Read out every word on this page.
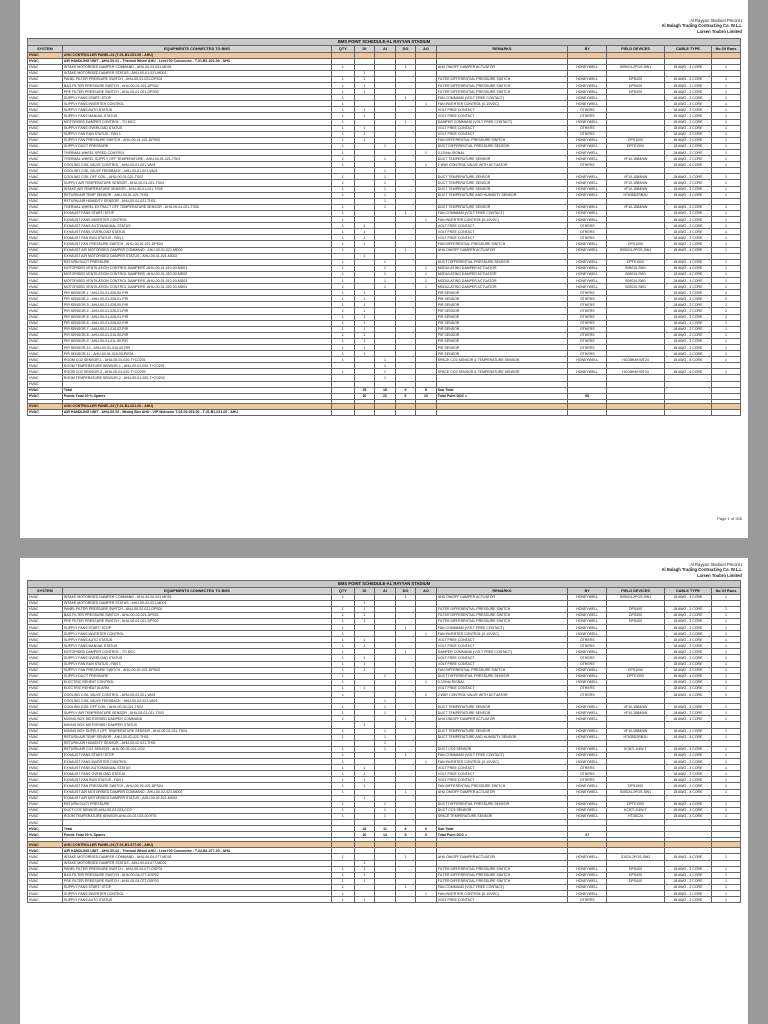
Al Rayyan Stadium Precinct
Al Balagh Trading Contracting Co. W.L.L
Larsen Toubro Limited
BMS POINT SCHEDULE-AL RAYYAN STADIUM											
SYSTEM	EQUIPMENTS CONNECTED TO BMS	QTY	DI	AI	DO	AO	REMARKS	BY	FIELD DEVICES	CABLE TYPE	No Of Runs
HVAC	AHU CONTROLLER PANEL-01 (T-01-B1-021-00 - AHU)										
HVAC	AIR HANDLING UNIT - AHU-00-01 - Thermal Wheel AHU - Level 00 Concourse - T-01-B1-021-00 - AHU										
HVAC	INTAKE MOTORISED DAMPER COMMAND - AHU-00-01-021-MD01	1			1		AHU ON/OFF DAMPER ACTUATOR	HONEYWELL	S05024-2POS-SW1	18 AWG - 4 CORE	1
HVAC	INTAKE MOTORISED DAMPER STATUS - AHU-00-01-021-MD01		1								
HVAC	PANEL FILTER PRESSURE SWITCH - AHU-00-01-021-DPS01	1	1				FILTER DIFFERENTIAL PRESSURE SWITCH	HONEYWELL	DPS400	18 AWG - 2 CORE	1
HVAC	BAG FILTER PRESSURE SWITCH - AHU-00-01-021-DPS02	1	1				FILTER DIFFERENTIAL PRESSURE SWITCH	HONEYWELL	DPS400	18 AWG - 2 CORE	1
HVAC	PRE FILTER PRESSURE SWITCH - AHU-00-01-021-DPS03	1	1				FILTER DIFFERENTIAL PRESSURE SWITCH	HONEYWELL	DPS400	18 AWG - 2 CORE	1
HVAC	SUPPLY FANS START/ STOP	1			1		FAN COMMAND (VOLT FREE CONTACT)	HONEYWELL		18 AWG - 2 CORE	1
HVAC	SUPPLY FANS INVERTER CONTROL	1				1	FAN INVERTER CONTROL (0-10VDC)	HONEYWELL		18 AWG - 2 CORE	1
HVAC	SUPPLY FANS AUTO STATUS	1	1				VOLT FREE CONTACT	OTHERS		18 AWG - 2 CORE	1
HVAC	SUPPLY FANS MANUAL STATUS	1	1				VOLT FREE CONTACT	OTHERS		18 AWG - 2 CORE	1
HVAC	MOTORISED DAMPER CONTROL - TO MCC	1			1		DAMPER COMMAND (VOLT FREE CONTACT)	HONEYWELL		18 AWG - 2 CORE	1
HVAC	SUPPLY FANS OVERLOAD STATUS	1	1				VOLT FREE CONTACT	OTHERS		18 AWG - 2 CORE	1
HVAC	SUPPLY FAN RUN STATUS - FAN 1	1	1				VOLT FREE CONTACT	OTHERS		18 AWG - 2 CORE	1
HVAC	SUPPLY FAN PRESSURE SWITCH - AHU-00-01-021-DPS03	1	1				FAN DIFFERENTIAL PRESSURE SWITCH	HONEYWELL	DPS1000	18 AWG - 2 CORE	1
HVAC	SUPPLY DUCT PRESSURE	1		1			DUCT DIFFERENTIAL PRESSURE SENSOR	HONEYWELL	DPTE1000	18 AWG - 4 CORE	1
HVAC	THERMAL WHEEL SPEED CONTROL	1				1	0-10Vdc SIGNAL	HONEYWELL		18 AWG - 2 CORE	1
HVAC	THERMAL WHEEL SUPPLY OFF TEMPERATURE - AHU-00-01-021-TS01	1		1			DUCT TEMPERATURE SENSOR	HONEYWELL	VF10-1B84NW	18 AWG - 2 CORE	1
HVAC	COOLING COIL VALVE CONTROL - AHU-00-01-021-VA01	1				1	2 WAY CONTROL VALVE WITH ACTUATOR	OTHERS		18 AWG - 6 CORE	1
HVAC	COOLING COIL VALVE FEEDBACK - AHU-00-01-021-VA01			1							
HVAC	COOLING COIL OFF COIL - AHU-00-01-021-TS02	1		1			DUCT TEMPERATURE SENSOR	HONEYWELL	VF10-1B84NW	18 AWG - 2 CORE	1
HVAC	SUPPLY AIR TEMPERATURE SENSOR - AHU-00-01-021-TS04	1		1			DUCT TEMPERATURE SENSOR	HONEYWELL	VF10-1B84NW	18 AWG - 2 CORE	1
HVAC	INTAKE AIR TEMPERATURE SENSOR - AHU-00-01-021-TS05	1		1			DUCT TEMPERATURE SENSOR	HONEYWELL	VF10-1B84NW	18 AWG - 2 CORE	1
HVAC	RETURN AIR TEMP SENSOR - AHU-00-01-021-TH01	1		1			DUCT TEMPERATURE AND HUMIDITY SENSOR	HONEYWELL	H7635D2RB2U	18 AWG - 4 CORE	1
HVAC	RETURN AIR HUMIDITY SENSOR - AHU-00-01-021-TH01			1							
HVAC	THERMAL WHEEL EXTRACT OFF TEMPERATURE SENSOR - AHU-00-01-021-TS06	1		1			DUCT TEMPERATURE SENSOR	HONEYWELL	VF10-1B84NW	18 AWG - 2 CORE	1
HVAC	EXHAUST FANS START/ STOP	1			1		FAN COMMAND (VOLT FREE CONTACT)	HONEYWELL		18 AWG - 2 CORE	1
HVAC	EXHAUST FANS INVERTER CONTROL	1				1	FAN INVERTER CONTROL (0-10VDC)	HONEYWELL		18 AWG - 2 CORE	1
HVAC	EXHAUST FANS AUTO/MANUAL STATUS	1	1				VOLT FREE CONTACT	OTHERS		18 AWG - 2 CORE	1
HVAC	EXHAUST FANS OVERLOAD STATUS	1	1				VOLT FREE CONTACT	OTHERS		18 AWG - 2 CORE	1
HVAC	EXHAUST FAN RUN STATUS - FAN 1	1	1				VOLT FREE CONTACT	OTHERS		18 AWG - 2 CORE	1
HVAC	EXHAUST FAN PRESSURE SWITCH - AHU-00-01-021-DPS04	1	1				FAN DIFFERENTIAL PRESSURE SWITCH	HONEYWELL	DPS1000	18 AWG - 2 CORE	1
HVAC	EXHAUST AIR MOTORISED DAMPER COMMAND - AHU-00-01-021-MD02	1			1		AHU ON/OFF DAMPER ACTUATOR	HONEYWELL	S05024-2POS-SW1	18 AWG - 4 CORE	1
HVAC	EXHAUST AIR MOTORISED DAMPER STATUS - AHU-00-01-021-MD02		1								
HVAC	RETURN DUCT PRESSURE	1		1			DUCT DIFFERENTIAL PRESSURE SENSOR	HONEYWELL	DPTE1000	18 AWG - 4 CORE	1
HVAC	MOTORISED VENTILATION CONTROL DAMPERS -AHU-00-01-010-00-MD01	1		1		1	MODULATING DAMPER ACTUATOR	HONEYWELL	S05010-SW1	18 AWG - 4 CORE	1
HVAC	MOTORISED VENTILATION CONTROL DAMPERS -AHU-00-01-010-00-MD02	1		1		1	MODULATING DAMPER ACTUATOR	HONEYWELL	S05010-SW1	18 AWG - 4 CORE	1
HVAC	MOTORISED VENTILATION CONTROL DAMPERS -AHU-00-01-010-00-MD03	1		1		1	MODULATING DAMPER ACTUATOR	HONEYWELL	S05010-SW1	18 AWG - 4 CORE	1
HVAC	MOTORISED VENTILATION CONTROL DAMPERS -AHU-00-01-020-00-MD04	1		1		1	MODULATING DAMPER ACTUATOR	HONEYWELL	S05010-SW1	18 AWG - 4 CORE	1
HVAC	PIR SENSOR-1 - AHU-00-01-026-00-PIR	1	1				PIR SENSOR	OTHERS		18 AWG - 2 CORE	2
HVAC	PIR SENSOR-2 - AHU-00-01-026-01-PIR	1	1				PIR SENSOR	OTHERS		18 AWG - 2 CORE	2
HVAC	PIR SENSOR-3 - AHU-00-01-026-00-PIR	1	1				PIR SENSOR	OTHERS		18 AWG - 2 CORE	2
HVAC	PIR SENSOR-4 - AHU-00-01-026-01-PIR	1	1				PIR SENSOR	OTHERS		18 AWG - 2 CORE	2
HVAC	PIR SENSOR-5 - AHU-00-01-026-01-PIR	1	1				PIR SENSOR	OTHERS		18 AWG - 2 CORE	2
HVAC	PIR SENSOR-6 - AHU-00-01-026-02-PIR	1	1				PIR SENSOR	OTHERS		18 AWG - 2 CORE	1
HVAC	PIR SENSOR-7 - AHU-00-01-010-02-PIR	1	1				PIR SENSOR	OTHERS		18 AWG - 2 CORE	1
HVAC	PIR SENSOR-8 - AHU-00-01-010-00-PIR	1	1				PIR SENSOR	OTHERS		18 AWG - 2 CORE	1
HVAC	PIR SENSOR-9 - AHU-00-01-011-00-PIR	1	1				PIR SENSOR	OTHERS		18 AWG - 2 CORE	1
HVAC	PIR SENSOR-10 - AHU-00-01-019-00-PIR	1	1				PIR SENSOR	OTHERS		18 AWG - 2 CORE	1
HVAC	PIR SENSOR-11 - AHU-00-01-019-00-PIR01	1	1				PIR SENSOR	OTHERS		18 AWG - 2 CORE	1
HVAC	ROOM CO2 SENSOR-1 - AHU-00-01-020-T+CO201	1		1			SPACE CO2 SENSOR & TEMPERATURE SENSOR	HONEYWELL	HCO8HAY00T24	18 AWG - 6 CORE	1
HVAC	ROOM TEMPERATURE SENSOR-1 - AHU-00-01-020-T+CO201			1							
HVAC	ROOM CO2 SENSOR-2 - AHU-00-01-020-T+CO202	1		1			SPACE CO2 SENSOR & TEMPERATURE SENSOR	HONEYWELL	HCO8HAY00T24	18 AWG - 6 CORE	1
HVAC	ROOM TEMPERATURE SENSOR-2 - AHU-00-01-020-T+CO202			1							
HVAC											
HVAC	Total		25	18	5	8	Sub Total				
HVAC	Points Total 20 % Spares		30	22	6	10	Total Point DDC =	68			

HVAC	AHU CONTROLLER PANEL-02 (T-01-B1-021-00 - AHU)										
HVAC	AIR HANDLING UNIT - AHU-00-02 - Mixing Box AHU - VIP Welcome T-02-00-023-00 - T-01-B1-021-00 - AHU										
Page 1 of 335
Al Rayyan Stadium Precinct
Al Balagh Trading Contracting Co. W.L.L
Larsen Toubro Limited
BMS POINT SCHEDULE-AL RAYYAN STADIUM											
SYSTEM	EQUIPMENTS CONNECTED TO BMS	QTY	DI	AI	DO	AO	REMARKS	BY	FIELD DEVICES	CABLE TYPE	No Of Runs
HVAC	INTAKE MOTORISED DAMPER COMMAND - AHU-00-02-021-MD01	1			1		AHU ON/OFF DAMPER ACTUATOR	HONEYWELL	S05024-2POS-SW1	18 AWG - 4 CORE	1
HVAC	INTAKE MOTORISED DAMPER STATUS - AHU-00-02-021-MD01		1								
HVAC	PANEL FILTER PRESSURE SWITCH - AHU-00-02-021-DPS01	1	1				FILTER DIFFERENTIAL PRESSURE SWITCH	HONEYWELL	DPS400	18 AWG - 2 CORE	1
HVAC	BAG FILTER PRESSURE SWITCH - AHU-00-02-021-DPS01	1	1				FILTER DIFFERENTIAL PRESSURE SWITCH	HONEYWELL	DPS400	18 AWG - 2 CORE	1
HVAC	PRE FILTER PRESSURE SWITCH - AHU-00-02-021-DPS02	1	1				FILTER DIFFERENTIAL PRESSURE SWITCH	HONEYWELL	DPS400	18 AWG - 2 CORE	1
HVAC	SUPPLY FANS START/ STOP	1			1		FAN COMMAND (VOLT FREE CONTACT)	HONEYWELL		18 AWG - 2 CORE	1
HVAC	SUPPLY FANS INVERTER CONTROL	1				1	FAN INVERTER CONTROL (0-10VDC)	HONEYWELL		18 AWG - 2 CORE	1
HVAC	SUPPLY FANS AUTO STATUS	1	1				VOLT FREE CONTACT	OTHERS		18 AWG - 2 CORE	1
HVAC	SUPPLY FANS MANUAL STATUS	1	1				VOLT FREE CONTACT	OTHERS		18 AWG - 2 CORE	1
HVAC	MOTORISED DAMPER CONTROL - TO MCC	1			1		DAMPER COMMAND (VOLT FREE CONTACT)	HONEYWELL		18 AWG - 2 CORE	1
HVAC	SUPPLY FANS OVERLOAD STATUS	1	1				VOLT FREE CONTACT	OTHERS		18 AWG - 2 CORE	1
HVAC	SUPPLY FAN RUN STATUS - FAN 1	1	1				VOLT FREE CONTACT	OTHERS		18 AWG - 2 CORE	1
HVAC	SUPPLY FAN PRESSURE SWITCH - AHU-00-02-021-DPS03	1	1				FAN DIFFERENTIAL PRESSURE SWITCH	HONEYWELL	DPS1000	18 AWG - 2 CORE	1
HVAC	SUPPLY DUCT PRESSURE	1		1			DUCT DIFFERENTIAL PRESSURE SENSOR	HONEYWELL	DPTE1000	18 AWG - 4 CORE	1
HVAC	ELECTRIC REHEAT CONTROL	1				1	0-10Vdc SIGNAL	HONEYWELL		18 AWG - 2 CORE	1
HVAC	ELECTRIC REHEAT ALARM	1	1				VOLT FREE CONTACT	OTHERS		18 AWG - 2 CORE	1
HVAC	COOLING COIL VALVE CONTROL - AHU-00-02-021-VA01	1				1	2 WAY CONTROL VALVE WITH ACTUATOR	OTHERS		18 AWG - 6 CORE	1
HVAC	COOLING COIL VALVE FEEDBACK - AHU-00-02-021-VA01			1							
HVAC	COOLING COIL OFF COIL - AHU-00-02-021-TS02	1		1			DUCT TEMPERATURE SENSOR	HONEYWELL	VF10-1B84NW	18 AWG - 2 CORE	1
HVAC	SUPPLY AIR TEMPERATURE SENSOR - AHU-00-02-021-TS03	1		1			DUCT TEMPERATURE SENSOR	HONEYWELL	VF10-1B84NW	18 AWG - 2 CORE	1
HVAC	MIXING BOX MOTORISED DAMPER COMMAND	1			1		AHU ON/OFF DAMPER ACTUATOR	HONEYWELL		18 AWG - 4 CORE	1
HVAC	MIXING BOX MOTORISED DAMPER STATUS		1								
HVAC	MIXING BOX SUPPLY OFF TEMPERATURE SENSOR - AHU-00-02-021-TS04	1		1			DUCT TEMPERATURE SENSOR	HONEYWELL	VF10-1B84NW	18 AWG - 2 CORE	1
HVAC	RETURN AIR TEMP SENSOR - AHU-00-02-021-TH01	1		1			DUCT TEMPERATURE AND HUMIDITY SENSOR	HONEYWELL	H7635D2RB2U	18 AWG - 4 CORE	1
HVAC	RETURN AIR HUMIDITY SENSOR - AHU-00-02-021-TH01			1							
HVAC	RETURN AIR CO2 SENSOR - AHU-00-02-021-CO2	1		1			DUCT CO2 SENSOR	HONEYWELL	KC871-K4W-T	18 AWG - 4 CORE	1
HVAC	EXHAUST FANS START/ STOP	1			1		FAN COMMAND (VOLT FREE CONTACT)	HONEYWELL		18 AWG - 2 CORE	1
HVAC	EXHAUST FANS INVERTER CONTROL	1				1	FAN INVERTER CONTROL (0-10VDC)	HONEYWELL		18 AWG - 2 CORE	1
HVAC	EXHAUST FANS AUTO/MANUAL STATUS	1	1				VOLT FREE CONTACT	OTHERS		18 AWG - 2 CORE	1
HVAC	EXHAUST FANS OVERLOAD STATUS	1	1				VOLT FREE CONTACT	OTHERS		18 AWG - 2 CORE	1
HVAC	EXHAUST FAN RUN STATUS - FAN 1	1	1				VOLT FREE CONTACT	OTHERS		18 AWG - 2 CORE	1
HVAC	EXHAUST FAN PRESSURE SWITCH - AHU-00-02-021-DPS04	1	1				FAN DIFFERENTIAL PRESSURE SWITCH	HONEYWELL	DPS1000	18 AWG - 2 CORE	1
HVAC	EXHAUST AIR MOTORISED DAMPER COMMAND - AHU-00-02-021-MD02	1			1		AHU ON/OFF DAMPER ACTUATOR	HONEYWELL	S05024-2POS-SW1	18 AWG - 4 CORE	1
HVAC	EXHAUST AIR MOTORISED DAMPER STATUS - AHU-00-02-021-MD02		1								
HVAC	RETURN DUCT PRESSURE	1		1			DUCT DIFFERENTIAL PRESSURE SENSOR	HONEYWELL	DPTE1000	18 AWG - 4 CORE	1
HVAC	DUCT CO2 SENSOR-AHU-00-02-023-CO2	1		1			DUCT CO2 SENSOR	HONEYWELL	KC871-K4W-T	18 AWG - 4 CORE	1
HVAC	ROOM TEMPERATURE SENSOR-AHU-00-02-023-00-RTS	1		1			SPACE TEMPERATURE SENSOR	HONEYWELL	HT38C24	18 AWG - 2 CORE	1
HVAC											
HVAC	Total		16	11	6	6	Sub Total				
HVAC	Points Total 20 % Spares		20	14	8	5	Total Point DDC =	47			

HVAC	AHU CONTROLLER PANEL-03 (T-01-B1-077-00 - AHU)										
HVAC	AIR HANDLING UNIT - AHU-00-04 - Thermal Wheel AHU - Level 00 Concourse - T-02-B1-077-00 - AHU										
HVAC	INTAKE MOTORISED DAMPER COMMAND - AHU-00-04-077-MD01	1			1		AHU ON/OFF DAMPER ACTUATOR	HONEYWELL	S1024-2POS-SW2	18 AWG - 4 CORE	1
HVAC	INTAKE MOTORISED DAMPER STATUS - AHU-00-04-077-MD01		1								
HVAC	PANEL FILTER PRESSURE SWITCH - AHU-00-04-077-DSP01	1	1				FILTER DIFFERENTIAL PRESSURE SWITCH	HONEYWELL	DPS400	18 AWG - 2 CORE	1
HVAC	BAG FILTER PRESSURE SWITCH - AHU-00-04-077-DSP02	1	1				FILTER DIFFERENTIAL PRESSURE SWITCH	HONEYWELL	DPS400	18 AWG - 2 CORE	1
HVAC	PRE FILTER PRESSURE SWITCH - AHU-00-04-077-DSP03	1	1				FILTER DIFFERENTIAL PRESSURE SWITCH	HONEYWELL	DPS400	18 AWG - 2 CORE	1
HVAC	SUPPLY FANS START/ STOP	1			1		FAN COMMAND (VOLT FREE CONTACT)	HONEYWELL		18 AWG - 2 CORE	1
HVAC	SUPPLY FANS INVERTER CONTROL	1				1	FAN INVERTER CONTROL (0-10VDC)	HONEYWELL		18 AWG - 2 CORE	1
HVAC	SUPPLY FANS AUTO STATUS	1	1				VOLT FREE CONTACT	OTHERS		18 AWG - 2 CORE	1
